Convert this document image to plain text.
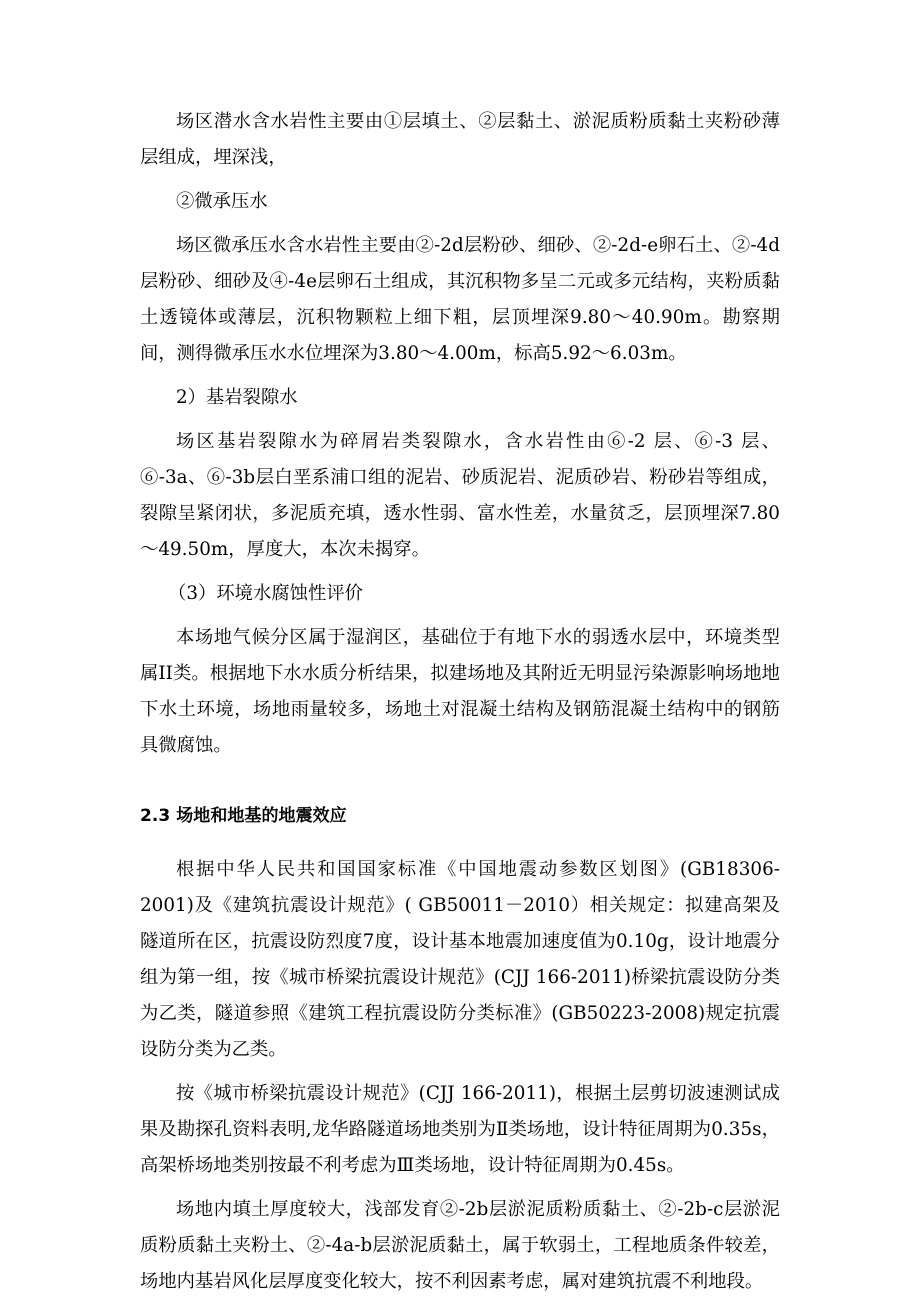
场区潜水含水岩性主要由①层填土、②层黏土、淤泥质粉质黏土夹粉砂薄层组成，埋深浅，

②微承压水

场区微承压水含水岩性主要由②-2d层粉砂、细砂、②-2d-e卵石土、②-4d层粉砂、细砂及④-4e层卵石土组成，其沉积物多呈二元或多元结构，夹粉质黏土透镜体或薄层，沉积物颗粒上细下粗，层顶埋深9.80～40.90m。勘察期间，测得微承压水水位埋深为3.80～4.00m，标高5.92～6.03m。

2）基岩裂隙水

场区基岩裂隙水为碎屑岩类裂隙水，含水岩性由⑥-2 层、⑥-3 层、⑥-3a、⑥-3b层白垩系浦口组的泥岩、砂质泥岩、泥质砂岩、粉砂岩等组成，裂隙呈紧闭状，多泥质充填，透水性弱、富水性差，水量贫乏，层顶埋深7.80～49.50m，厚度大，本次未揭穿。

（3）环境水腐蚀性评价

本场地气候分区属于湿润区，基础位于有地下水的弱透水层中，环境类型属II类。根据地下水水质分析结果，拟建场地及其附近无明显污染源影响场地地下水土环境，场地雨量较多，场地土对混凝土结构及钢筋混凝土结构中的钢筋具微腐蚀。

2.3 场地和地基的地震效应

根据中华人民共和国国家标准《中国地震动参数区划图》(GB18306-2001)及《建筑抗震设计规范》( GB50011－2010）相关规定：拟建高架及隧道所在区，抗震设防烈度7度，设计基本地震加速度值为0.10g，设计地震分组为第一组，按《城市桥梁抗震设计规范》(CJJ 166-2011)桥梁抗震设防分类为乙类，隧道参照《建筑工程抗震设防分类标准》(GB50223-2008)规定抗震设防分类为乙类。

按《城市桥梁抗震设计规范》(CJJ 166-2011)，根据土层剪切波速测试成果及勘探孔资料表明,龙华路隧道场地类别为Ⅱ类场地，设计特征周期为0.35s，高架桥场地类别按最不利考虑为Ⅲ类场地，设计特征周期为0.45s。

场地内填土厚度较大，浅部发育②-2b层淤泥质粉质黏土、②-2b-c层淤泥质粉质黏土夹粉土、②-4a-b层淤泥质黏土，属于软弱土，工程地质条件较差，场地内基岩风化层厚度变化较大，按不利因素考虑，属对建筑抗震不利地段。
